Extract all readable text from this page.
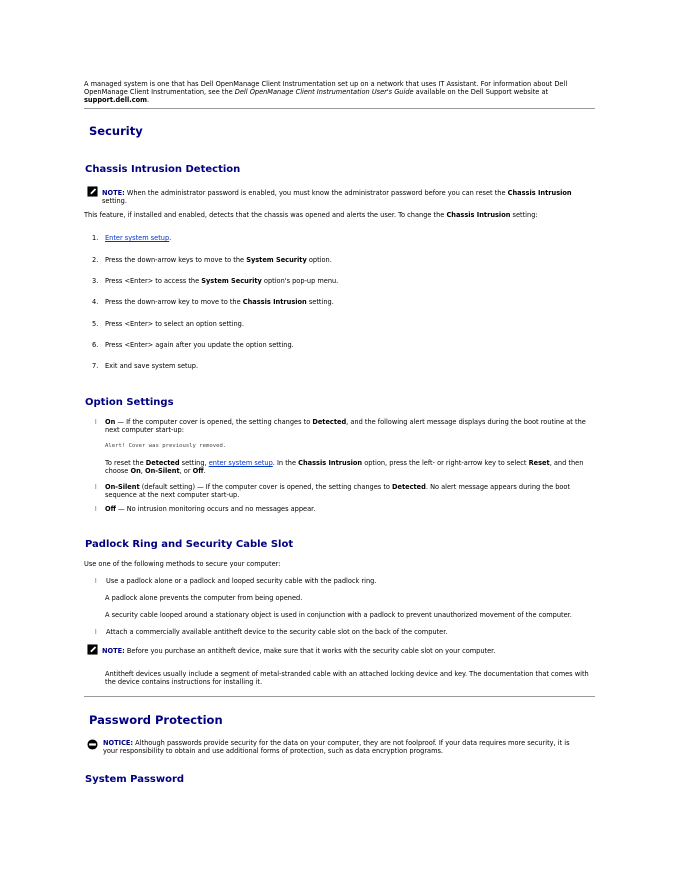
A managed system is one that has Dell OpenManage Client Instrumentation set up on a network that uses IT Assistant. For information about Dell OpenManage Client Instrumentation, see the Dell OpenManage Client Instrumentation User's Guide available on the Dell Support website at support.dell.com.

Security
Chassis Intrusion Detection

NOTE: When the administrator password is enabled, you must know the administrator password before you can reset the Chassis Intrusion setting.

This feature, if installed and enabled, detects that the chassis was opened and alerts the user. To change the Chassis Intrusion setting:

1. Enter system setup.
2. Press the down-arrow keys to move to the System Security option.
3. Press <Enter> to access the System Security option's pop-up menu.
4. Press the down-arrow key to move to the Chassis Intrusion setting.
5. Press <Enter> to select an option setting.
6. Press <Enter> again after you update the option setting.
7. Exit and save system setup.
Option Settings
l On — If the computer cover is opened, the setting changes to Detected, and the following alert message displays during the boot routine at the next computer start-up:

Alert! Cover was previously removed.

To reset the Detected setting, enter system setup. In the Chassis Intrusion option, press the left- or right-arrow key to select Reset, and then choose On, On-Silent, or Off.

l On-Silent (default setting) — If the computer cover is opened, the setting changes to Detected. No alert message appears during the boot sequence at the next computer start-up.

l Off — No intrusion monitoring occurs and no messages appear.

Padlock Ring and Security Cable Slot

Use one of the following methods to secure your computer:

l Use a padlock alone or a padlock and looped security cable with the padlock ring.

A padlock alone prevents the computer from being opened.

A security cable looped around a stationary object is used in conjunction with a padlock to prevent unauthorized movement of the computer.

l Attach a commercially available antitheft device to the security cable slot on the back of the computer.

NOTE: Before you purchase an antitheft device, make sure that it works with the security cable slot on your computer.

Antitheft devices usually include a segment of metal-stranded cable with an attached locking device and key. The documentation that comes with the device contains instructions for installing it.

Password Protection

NOTICE: Although passwords provide security for the data on your computer, they are not foolproof. If your data requires more security, it is your responsibility to obtain and use additional forms of protection, such as data encryption programs.

System Password
